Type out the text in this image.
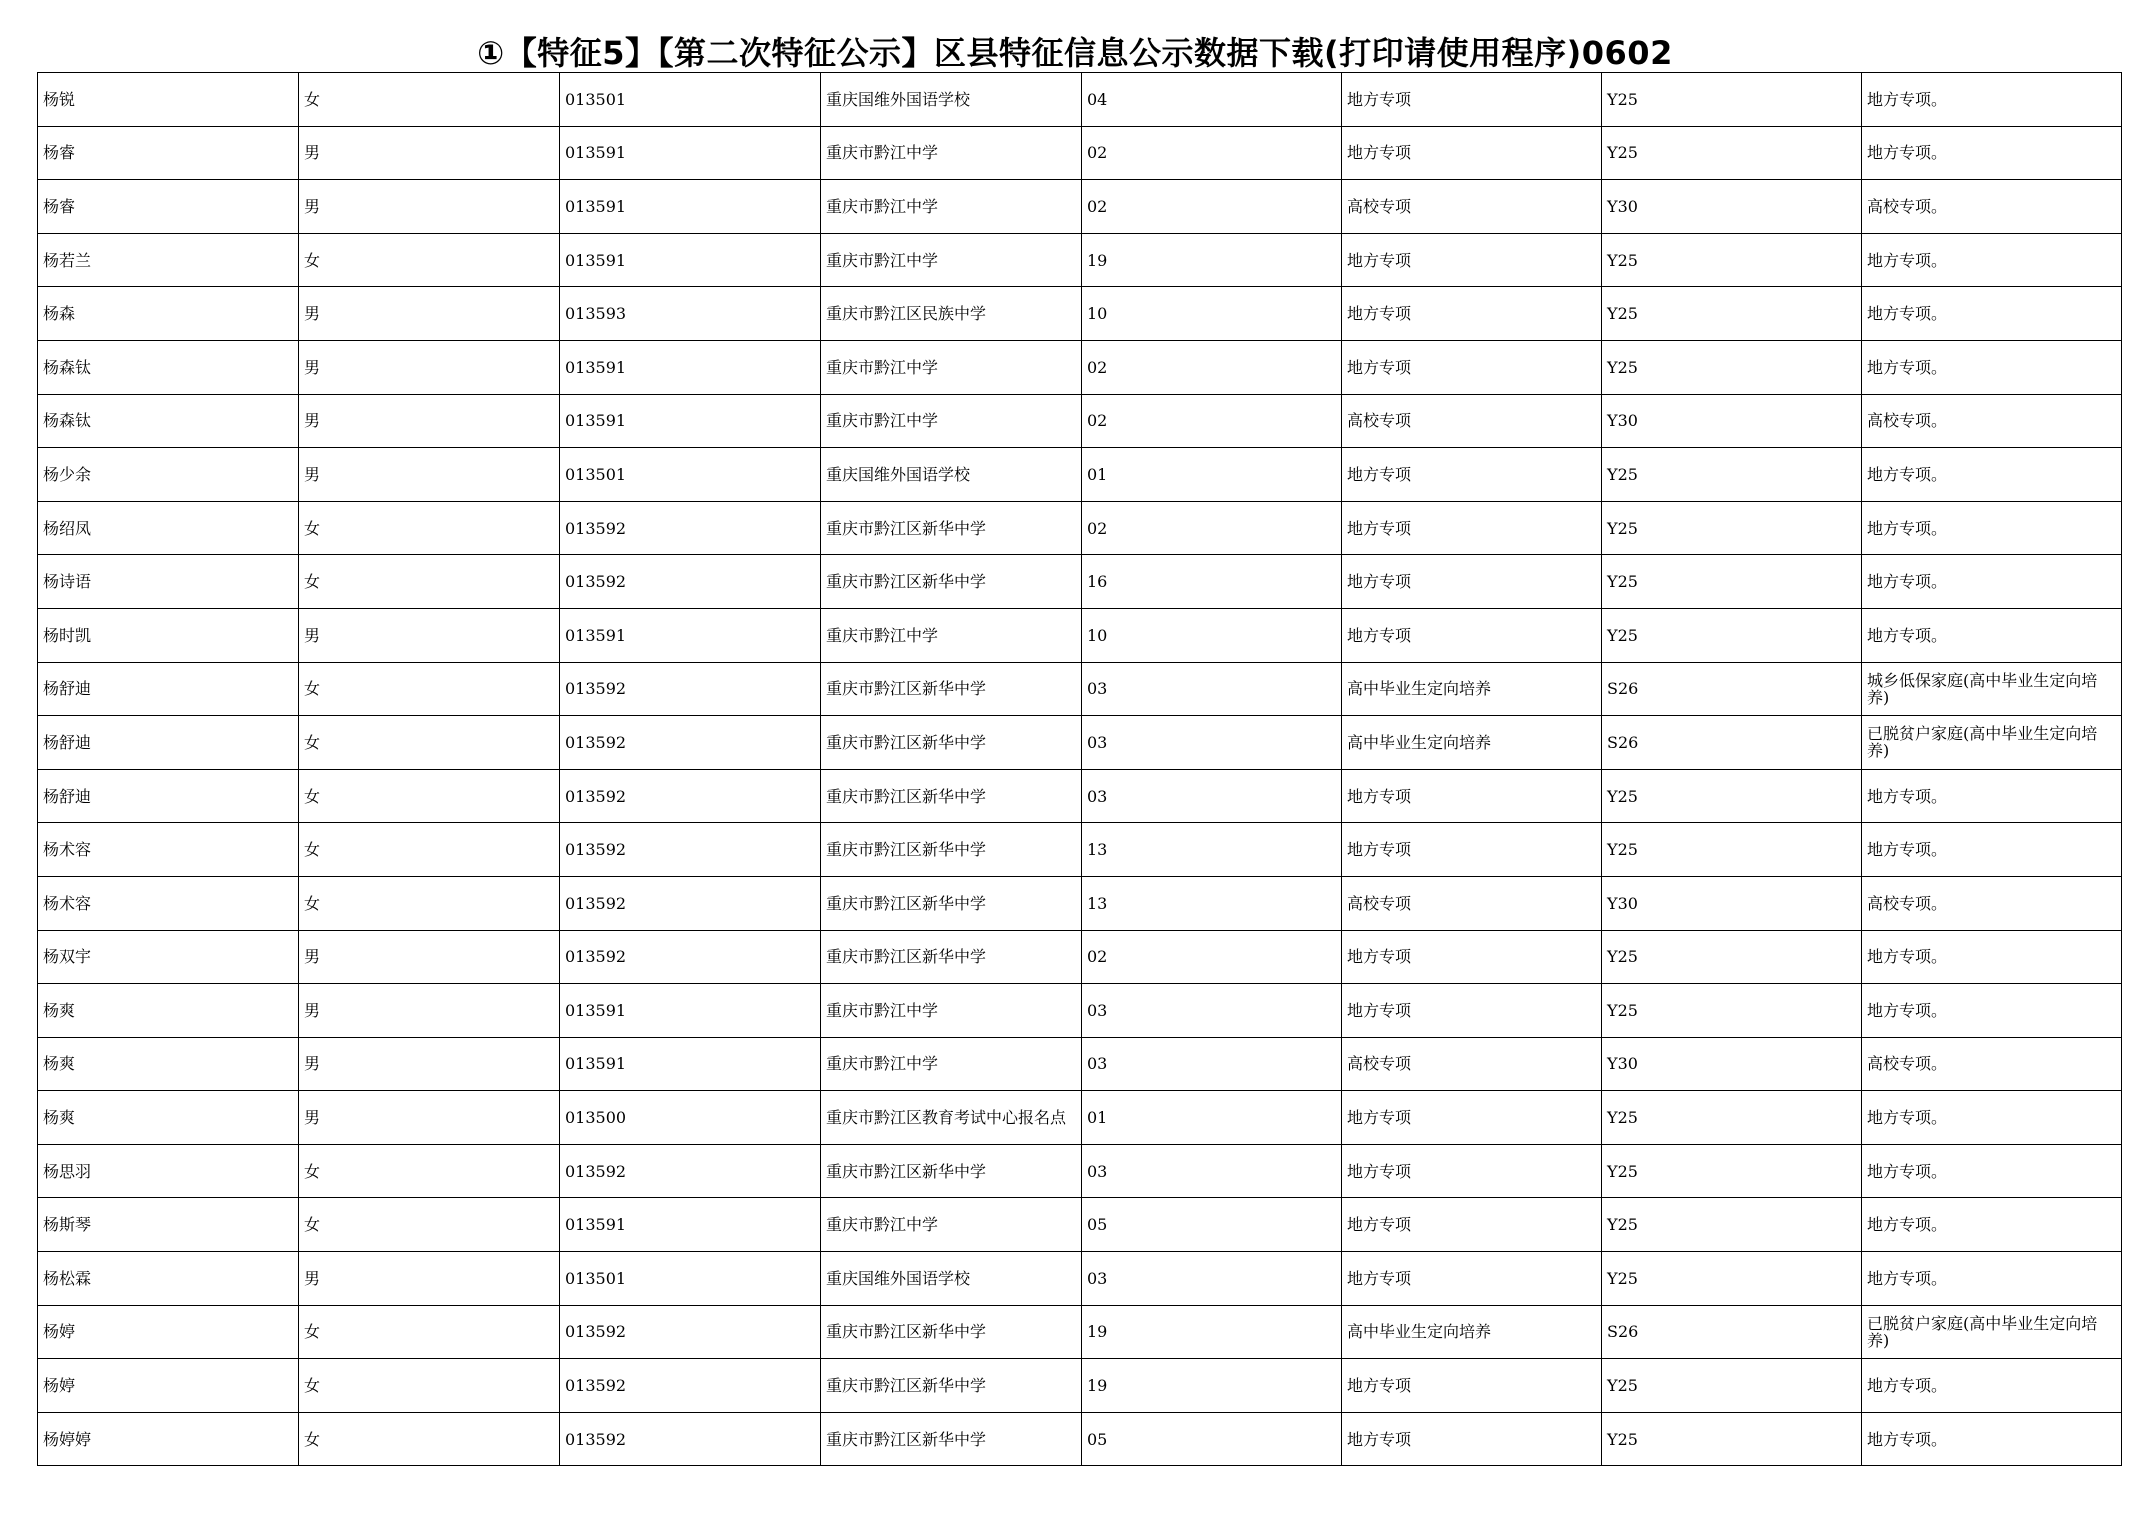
①【特征5】【第二次特征公示】区县特征信息公示数据下载(打印请使用程序)0602
杨锐	女	013501	重庆国维外国语学校	04	地方专项	Y25	地方专项。
杨睿	男	013591	重庆市黔江中学	02	地方专项	Y25	地方专项。
杨睿	男	013591	重庆市黔江中学	02	高校专项	Y30	高校专项。
杨若兰	女	013591	重庆市黔江中学	19	地方专项	Y25	地方专项。
杨森	男	013593	重庆市黔江区民族中学	10	地方专项	Y25	地方专项。
杨森钛	男	013591	重庆市黔江中学	02	地方专项	Y25	地方专项。
杨森钛	男	013591	重庆市黔江中学	02	高校专项	Y30	高校专项。
杨少余	男	013501	重庆国维外国语学校	01	地方专项	Y25	地方专项。
杨绍凤	女	013592	重庆市黔江区新华中学	02	地方专项	Y25	地方专项。
杨诗语	女	013592	重庆市黔江区新华中学	16	地方专项	Y25	地方专项。
杨时凯	男	013591	重庆市黔江中学	10	地方专项	Y25	地方专项。
杨舒迪	女	013592	重庆市黔江区新华中学	03	高中毕业生定向培养	S26	城乡低保家庭(高中毕业生定向培养)
杨舒迪	女	013592	重庆市黔江区新华中学	03	高中毕业生定向培养	S26	已脱贫户家庭(高中毕业生定向培养)
杨舒迪	女	013592	重庆市黔江区新华中学	03	地方专项	Y25	地方专项。
杨术容	女	013592	重庆市黔江区新华中学	13	地方专项	Y25	地方专项。
杨术容	女	013592	重庆市黔江区新华中学	13	高校专项	Y30	高校专项。
杨双宇	男	013592	重庆市黔江区新华中学	02	地方专项	Y25	地方专项。
杨爽	男	013591	重庆市黔江中学	03	地方专项	Y25	地方专项。
杨爽	男	013591	重庆市黔江中学	03	高校专项	Y30	高校专项。
杨爽	男	013500	重庆市黔江区教育考试中心报名点	01	地方专项	Y25	地方专项。
杨思羽	女	013592	重庆市黔江区新华中学	03	地方专项	Y25	地方专项。
杨斯琴	女	013591	重庆市黔江中学	05	地方专项	Y25	地方专项。
杨松霖	男	013501	重庆国维外国语学校	03	地方专项	Y25	地方专项。
杨婷	女	013592	重庆市黔江区新华中学	19	高中毕业生定向培养	S26	已脱贫户家庭(高中毕业生定向培养)
杨婷	女	013592	重庆市黔江区新华中学	19	地方专项	Y25	地方专项。
杨婷婷	女	013592	重庆市黔江区新华中学	05	地方专项	Y25	地方专项。
